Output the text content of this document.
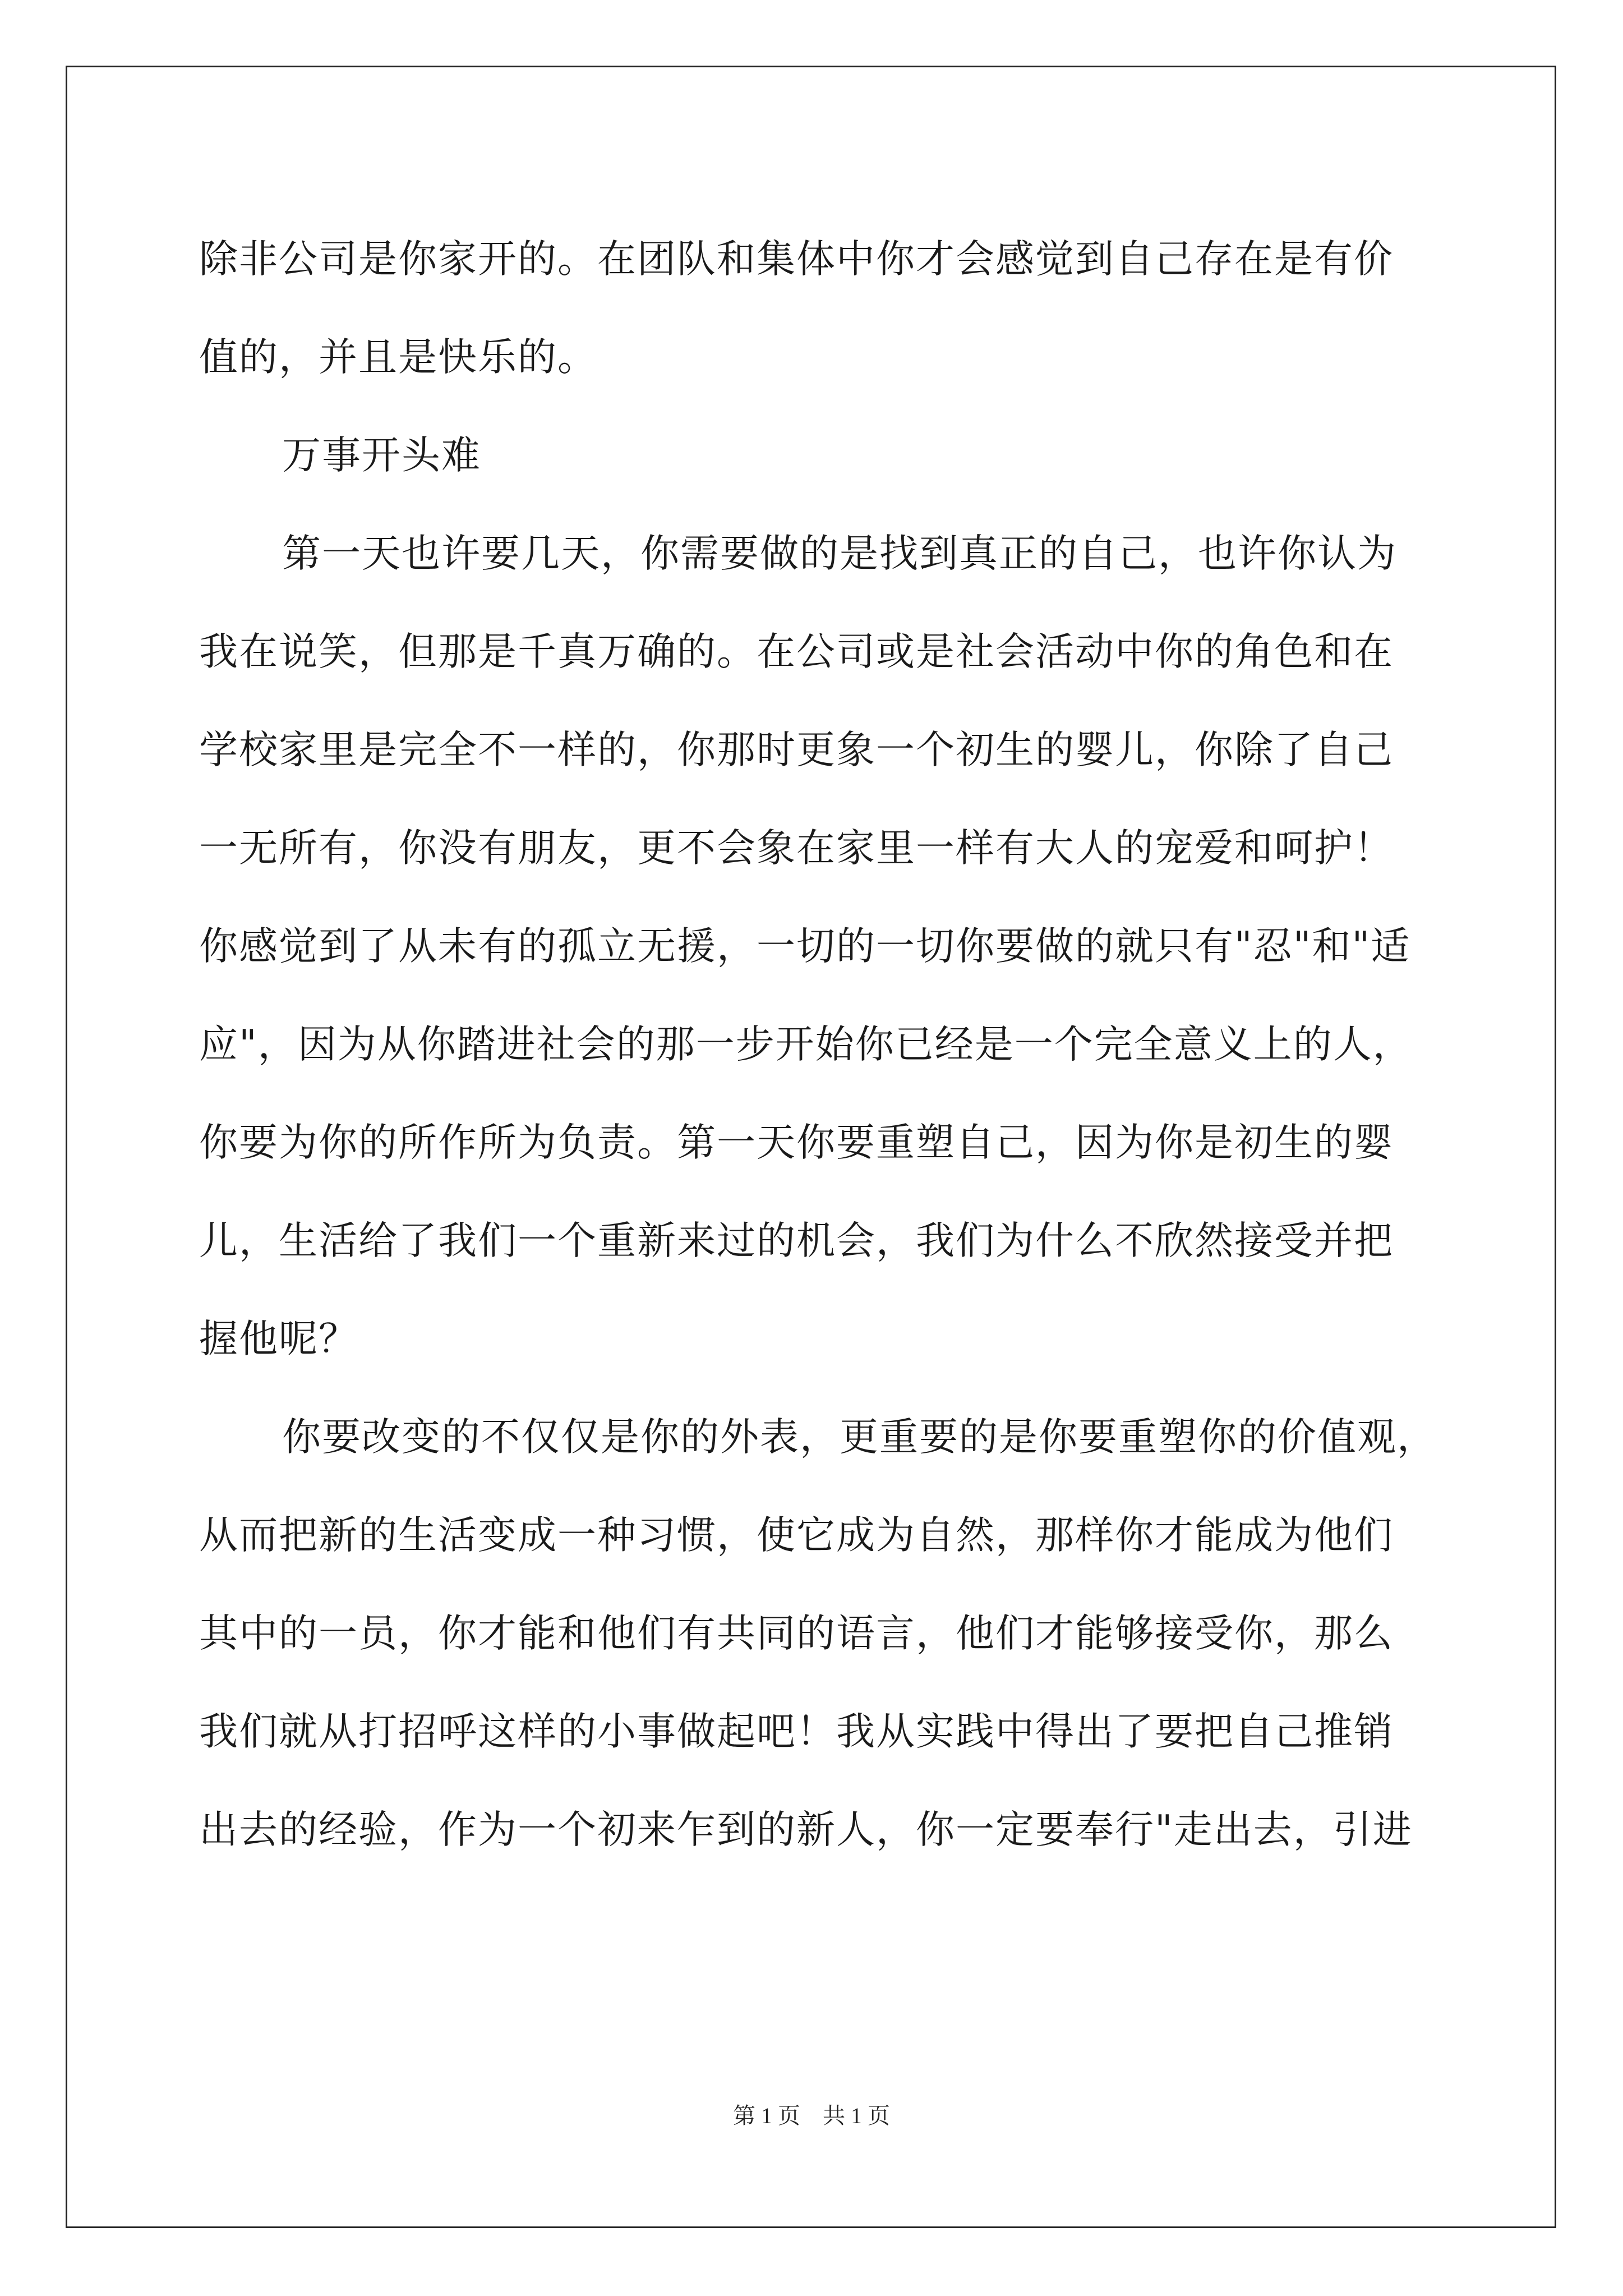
除非公司是你家开的。在团队和集体中你才会感觉到自己存在是有价
值的，并且是快乐的。
万事开头难
第一天也许要几天，你需要做的是找到真正的自己，也许你认为
我在说笑，但那是千真万确的。在公司或是社会活动中你的角色和在
学校家里是完全不一样的，你那时更象一个初生的婴儿，你除了自己
一无所有，你没有朋友，更不会象在家里一样有大人的宠爱和呵护！
你感觉到了从未有的孤立无援，一切的一切你要做的就只有"忍"和"适
应"，因为从你踏进社会的那一步开始你已经是一个完全意义上的人，
你要为你的所作所为负责。第一天你要重塑自己，因为你是初生的婴
儿，生活给了我们一个重新来过的机会，我们为什么不欣然接受并把
握他呢？
你要改变的不仅仅是你的外表，更重要的是你要重塑你的价值观，
从而把新的生活变成一种习惯，使它成为自然，那样你才能成为他们
其中的一员，你才能和他们有共同的语言，他们才能够接受你，那么
我们就从打招呼这样的小事做起吧！我从实践中得出了要把自己推销
出去的经验，作为一个初来乍到的新人，你一定要奉行"走出去，引进
第 1 页　共 1 页
